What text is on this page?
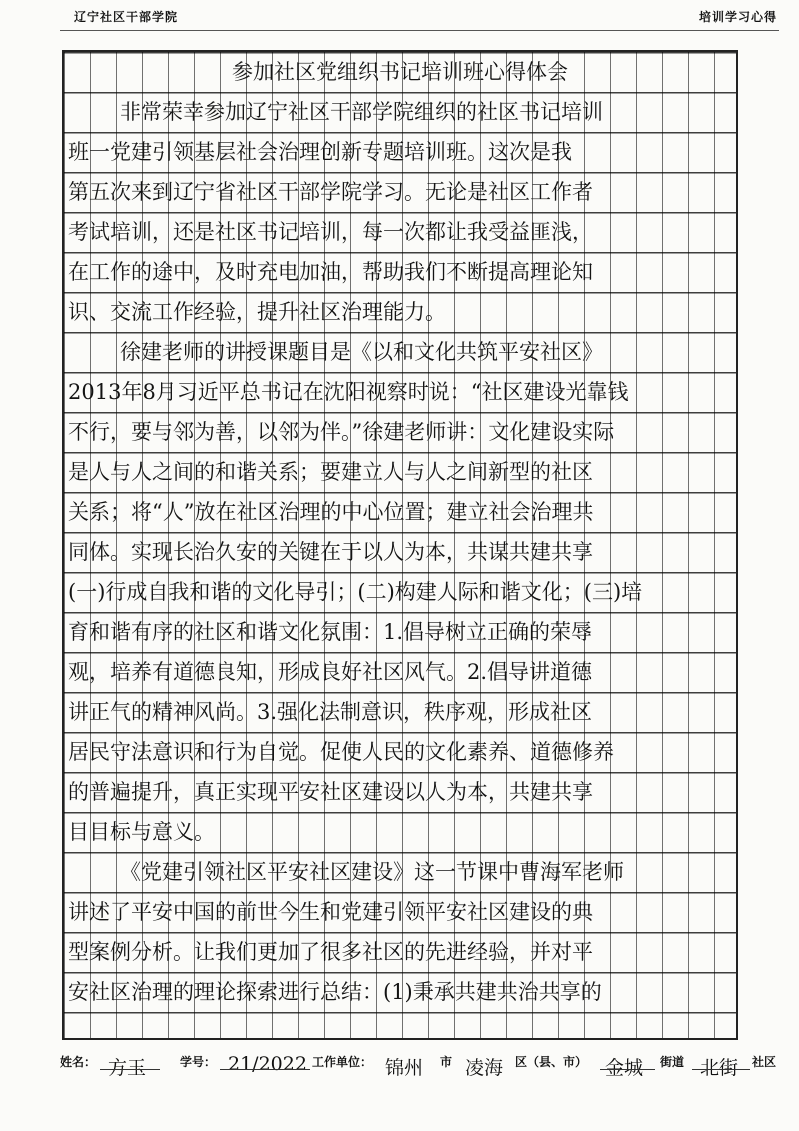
辽宁社区干部学院	培训学习心得
参加社区党组织书记培训班心得体会
非常荣幸参加辽宁社区干部学院组织的社区书记培训
班一党建引领基层社会治理创新专题培训班。这次是我
第五次来到辽宁省社区干部学院学习。无论是社区工作者
考试培训，还是社区书记培训，每一次都让我受益匪浅，
在工作的途中，及时充电加油，帮助我们不断提高理论知
识、交流工作经验，提升社区治理能力。
徐建老师的讲授课题目是《以和文化共筑平安社区》
2013年8月习近平总书记在沈阳视察时说：“社区建设光靠钱
不行，要与邻为善，以邻为伴。”徐建老师讲：文化建设实际
是人与人之间的和谐关系；要建立人与人之间新型的社区
关系；将“人”放在社区治理的中心位置；建立社会治理共
同体。实现长治久安的关键在于以人为本，共谋共建共享
(一)行成自我和谐的文化导引；(二)构建人际和谐文化；(三)培
育和谐有序的社区和谐文化氛围：1.倡导树立正确的荣辱
观，培养有道德良知，形成良好社区风气。2.倡导讲道德
讲正气的精神风尚。3.强化法制意识，秩序观，形成社区
居民守法意识和行为自觉。促使人民的文化素养、道德修养
的普遍提升，真正实现平安社区建设以人为本，共建共享
目目标与意义。
《党建引领社区平安社区建设》这一节课中曹海军老师
讲述了平安中国的前世今生和党建引领平安社区建设的典
型案例分析。让我们更加了很多社区的先进经验，并对平
安社区治理的理论探索进行总结：(1)秉承共建共治共享的
姓名： 方玉	学号： 21/2022 工作单位： 锦州 市 凌海 区（县、市） 金城 街道 北街 社区
